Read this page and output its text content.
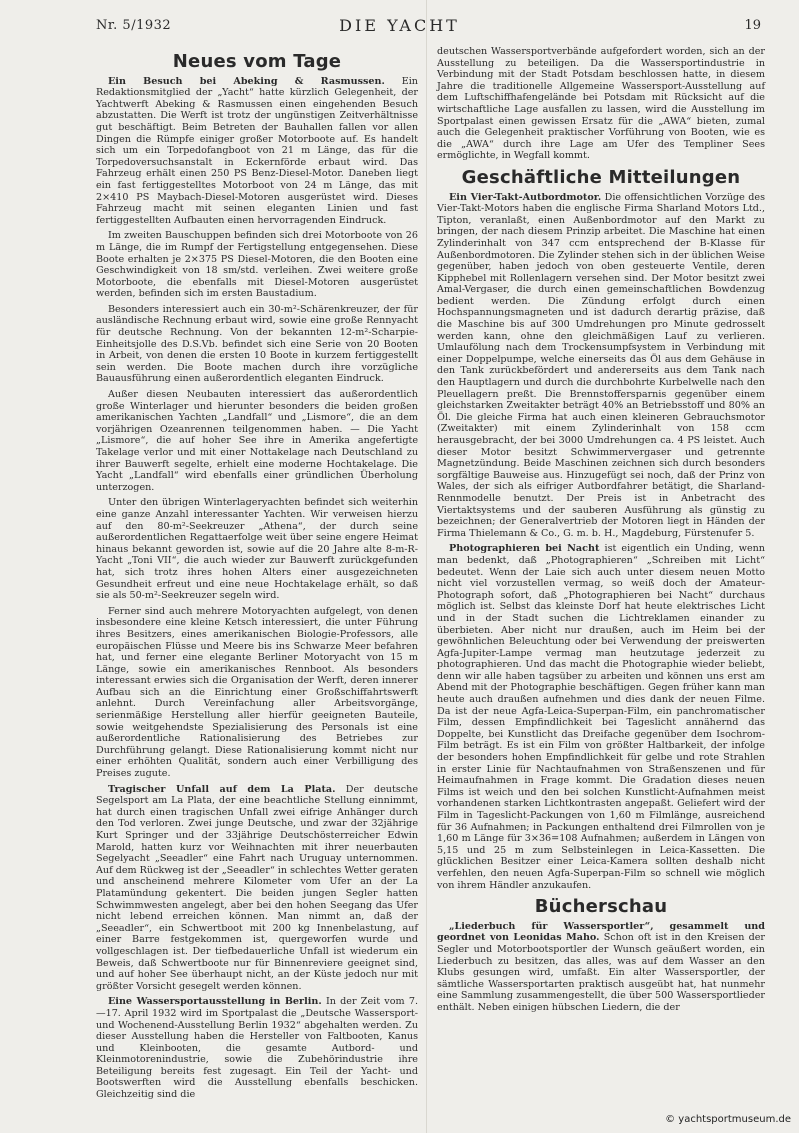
Nr. 5/1932	DIE YACHT	19
Neues vom Tage

Ein Besuch bei Abeking & Rasmussen. Ein Redaktionsmitglied der „Yacht“ hatte kürzlich Gelegenheit, der Yachtwerft Abeking & Rasmussen einen eingehenden Besuch abzustatten. Die Werft ist trotz der ungünstigen Zeitverhältnisse gut beschäftigt. Beim Betreten der Bauhallen fallen vor allen Dingen die Rümpfe einiger großer Motorboote auf. Es handelt sich um ein Torpedofangboot von 21 m Länge, das für die Torpedoversuchsanstalt in Eckernförde erbaut wird. Das Fahrzeug erhält einen 250 PS Benz-Diesel-Motor. Daneben liegt ein fast fertiggestelltes Motorboot von 24 m Länge, das mit 2×410 PS Maybach-Diesel-Motoren ausgerüstet wird. Dieses Fahrzeug macht mit seinen eleganten Linien und fast fertiggestellten Aufbauten einen hervorragenden Eindruck.

Im zweiten Bauschuppen befinden sich drei Motorboote von 26 m Länge, die im Rumpf der Fertigstellung entgegensehen. Diese Boote erhalten je 2×375 PS Diesel-Motoren, die den Booten eine Geschwindigkeit von 18 sm/std. verleihen. Zwei weitere große Motorboote, die ebenfalls mit Diesel-Motoren ausgerüstet werden, befinden sich im ersten Baustadium.

Besonders interessiert auch ein 30-m²-Schärenkreuzer, der für ausländische Rechnung erbaut wird, sowie eine große Rennyacht für deutsche Rechnung. Von der bekannten 12-m²-Scharpie-Einheitsjolle des D.S.Vb. befindet sich eine Serie von 20 Booten in Arbeit, von denen die ersten 10 Boote in kurzem fertiggestellt sein werden. Die Boote machen durch ihre vorzügliche Bauausführung einen außerordentlich eleganten Eindruck.

Außer diesen Neubauten interessiert das außerordentlich große Winterlager und hierunter besonders die beiden großen amerikanischen Yachten „Landfall“ und „Lismore“, die an dem vorjährigen Ozeanrennen teilgenommen haben. — Die Yacht „Lismore“, die auf hoher See ihre in Amerika angefertigte Takelage verlor und mit einer Nottakelage nach Deutschland zu ihrer Bauwerft segelte, erhielt eine moderne Hochtakelage. Die Yacht „Landfall“ wird ebenfalls einer gründlichen Überholung unterzogen.

Unter den übrigen Winterlageryachten befindet sich weiterhin eine ganze Anzahl interessanter Yachten. Wir verweisen hierzu auf den 80-m²-Seekreuzer „Athena“, der durch seine außerordentlichen Regattaerfolge weit über seine engere Heimat hinaus bekannt geworden ist, sowie auf die 20 Jahre alte 8-m-R-Yacht „Toni VII“, die auch wieder zur Bauwerft zurückgefunden hat, sich trotz ihres hohen Alters einer ausgezeichneten Gesundheit erfreut und eine neue Hochtakelage erhält, so daß sie als 50-m²-Seekreuzer segeln wird.

Ferner sind auch mehrere Motoryachten aufgelegt, von denen insbesondere eine kleine Ketsch interessiert, die unter Führung ihres Besitzers, eines amerikanischen Biologie-Professors, alle europäischen Flüsse und Meere bis ins Schwarze Meer befahren hat, und ferner eine elegante Berliner Motoryacht von 15 m Länge, sowie ein amerikanisches Rennboot. Als besonders interessant erwies sich die Organisation der Werft, deren innerer Aufbau sich an die Einrichtung einer Großschiffahrtswerft anlehnt. Durch Vereinfachung aller Arbeitsvorgänge, serienmäßige Herstellung aller hierfür geeigneten Bauteile, sowie weitgehendste Spezialisierung des Personals ist eine außerordentliche Rationalisierung des Betriebes zur Durchführung gelangt. Diese Rationalisierung kommt nicht nur einer erhöhten Qualität, sondern auch einer Verbilligung des Preises zugute.

Tragischer Unfall auf dem La Plata. Der deutsche Segelsport am La Plata, der eine beachtliche Stellung einnimmt, hat durch einen tragischen Unfall zwei eifrige Anhänger durch den Tod verloren. Zwei junge Deutsche, und zwar der 32jährige Kurt Springer und der 33jährige Deutschösterreicher Edwin Marold, hatten kurz vor Weihnachten mit ihrer neuerbauten Segelyacht „Seeadler“ eine Fahrt nach Uruguay unternommen. Auf dem Rückweg ist der „Seeadler“ in schlechtes Wetter geraten und anscheinend mehrere Kilometer vom Ufer an der La Platamündung gekentert. Die beiden jungen Segler hatten Schwimmwesten angelegt, aber bei den hohen Seegang das Ufer nicht lebend erreichen können. Man nimmt an, daß der „Seeadler“, ein Schwertboot mit 200 kg Innenbelastung, auf einer Barre festgekommen ist, quergeworfen wurde und vollgeschlagen ist. Der tiefbedauerliche Unfall ist wiederum ein Beweis, daß Schwertboote nur für Binnenreviere geeignet sind, und auf hoher See überhaupt nicht, an der Küste jedoch nur mit größter Vorsicht gesegelt werden können.

Eine Wassersportausstellung in Berlin. In der Zeit vom 7.—17. April 1932 wird im Sportpalast die „Deutsche Wassersport- und Wochenend-Ausstellung Berlin 1932“ abgehalten werden. Zu dieser Ausstellung haben die Hersteller von Faltbooten, Kanus und Kleinbooten, die gesamte Autbord- und Kleinmotorenindustrie, sowie die Zubehörindustrie ihre Beteiligung bereits fest zugesagt. Ein Teil der Yacht- und Bootswerften wird die Ausstellung ebenfalls beschicken. Gleichzeitig sind die

deutschen Wassersportverbände aufgefordert worden, sich an der Ausstellung zu beteiligen. Da die Wassersportindustrie in Verbindung mit der Stadt Potsdam beschlossen hatte, in diesem Jahre die traditionelle Allgemeine Wassersport-Ausstellung auf dem Luftschiffhafengelände bei Potsdam mit Rücksicht auf die wirtschaftliche Lage ausfallen zu lassen, wird die Ausstellung im Sportpalast einen gewissen Ersatz für die „AWA“ bieten, zumal auch die Gelegenheit praktischer Vorführung von Booten, wie es die „AWA“ durch ihre Lage am Ufer des Templiner Sees ermöglichte, in Wegfall kommt.

Geschäftliche Mitteilungen

Ein Vier-Takt-Autbordmotor. Die offensichtlichen Vorzüge des Vier-Takt-Motors haben die englische Firma Sharland Motors Ltd., Tipton, veranlaßt, einen Außenbordmotor auf den Markt zu bringen, der nach diesem Prinzip arbeitet. Die Maschine hat einen Zylinderinhalt von 347 ccm entsprechend der B-Klasse für Außenbordmotoren. Die Zylinder stehen sich in der üblichen Weise gegenüber, haben jedoch von oben gesteuerte Ventile, deren Kipphebel mit Rollenlagern versehen sind. Der Motor besitzt zwei Amal-Vergaser, die durch einen gemeinschaftlichen Bowdenzug bedient werden. Die Zündung erfolgt durch einen Hochspannungsmagneten und ist dadurch derartig präzise, daß die Maschine bis auf 300 Umdrehungen pro Minute gedrosselt werden kann, ohne den gleichmäßigen Lauf zu verlieren. Umlaufölung nach dem Trockensumpfsystem in Verbindung mit einer Doppelpumpe, welche einerseits das Öl aus dem Gehäuse in den Tank zurückbefördert und andererseits aus dem Tank nach den Hauptlagern und durch die durchbohrte Kurbelwelle nach den Pleuellagern preßt. Die Brennstoffersparnis gegenüber einem gleichstarken Zweitakter beträgt 40% an Betriebsstoff und 80% an Öl. Die gleiche Firma hat auch einen kleineren Gebrauchsmotor (Zweitakter) mit einem Zylinderinhalt von 158 ccm herausgebracht, der bei 3000 Umdrehungen ca. 4 PS leistet. Auch dieser Motor besitzt Schwimmervergaser und getrennte Magnetzündung. Beide Maschinen zeichnen sich durch besonders sorgfältige Bauweise aus. Hinzugefügt sei noch, daß der Prinz von Wales, der sich als eifriger Autbordfahrer betätigt, die Sharland-Rennmodelle benutzt. Der Preis ist in Anbetracht des Viertaktsystems und der sauberen Ausführung als günstig zu bezeichnen; der Generalvertrieb der Motoren liegt in Händen der Firma Thielemann & Co., G. m. b. H., Magdeburg, Fürstenufer 5.

Photographieren bei Nacht ist eigentlich ein Unding, wenn man bedenkt, daß „Photographieren“ „Schreiben mit Licht“ bedeutet. Wenn der Laie sich auch unter diesem neuen Motto nicht viel vorzustellen vermag, so weiß doch der Amateur-Photograph sofort, daß „Photographieren bei Nacht“ durchaus möglich ist. Selbst das kleinste Dorf hat heute elektrisches Licht und in der Stadt suchen die Lichtreklamen einander zu überbieten. Aber nicht nur draußen, auch im Heim bei der gewöhnlichen Beleuchtung oder bei Verwendung der preiswerten Agfa-Jupiter-Lampe vermag man heutzutage jederzeit zu photographieren. Und das macht die Photographie wieder beliebt, denn wir alle haben tagsüber zu arbeiten und können uns erst am Abend mit der Photographie beschäftigen. Gegen früher kann man heute auch draußen aufnehmen und dies dank der neuen Filme. Da ist der neue Agfa-Leica-Superpan-Film, ein panchromatischer Film, dessen Empfindlichkeit bei Tageslicht annähernd das Doppelte, bei Kunstlicht das Dreifache gegenüber dem Isochrom-Film beträgt. Es ist ein Film von größter Haltbarkeit, der infolge der besonders hohen Empfindlichkeit für gelbe und rote Strahlen in erster Linie für Nachtaufnahmen von Straßenszenen und für Heimaufnahmen in Frage kommt. Die Gradation dieses neuen Films ist weich und den bei solchen Kunstlicht-Aufnahmen meist vorhandenen starken Lichtkontrasten angepaßt. Geliefert wird der Film in Tageslicht-Packungen von 1,60 m Filmlänge, ausreichend für 36 Aufnahmen; in Packungen enthaltend drei Filmrollen von je 1,60 m Länge für 3×36=108 Aufnahmen; außerdem in Längen von 5,15 und 25 m zum Selbsteinlegen in Leica-Kassetten. Die glücklichen Besitzer einer Leica-Kamera sollten deshalb nicht verfehlen, den neuen Agfa-Superpan-Film so schnell wie möglich von ihrem Händler anzukaufen.

Bücherschau

„Liederbuch für Wassersportler“, gesammelt und geordnet von Leonidas Maho. Schon oft ist in den Kreisen der Segler und Motorbootsportler der Wunsch geäußert worden, ein Liederbuch zu besitzen, das alles, was auf dem Wasser an den Klubs gesungen wird, umfaßt. Ein alter Wassersportler, der sämtliche Wassersportarten praktisch ausgeübt hat, hat nunmehr eine Sammlung zusammengestellt, die über 500 Wassersportlieder enthält. Neben einigen hübschen Liedern, die der

© yachtsportmuseum.de
